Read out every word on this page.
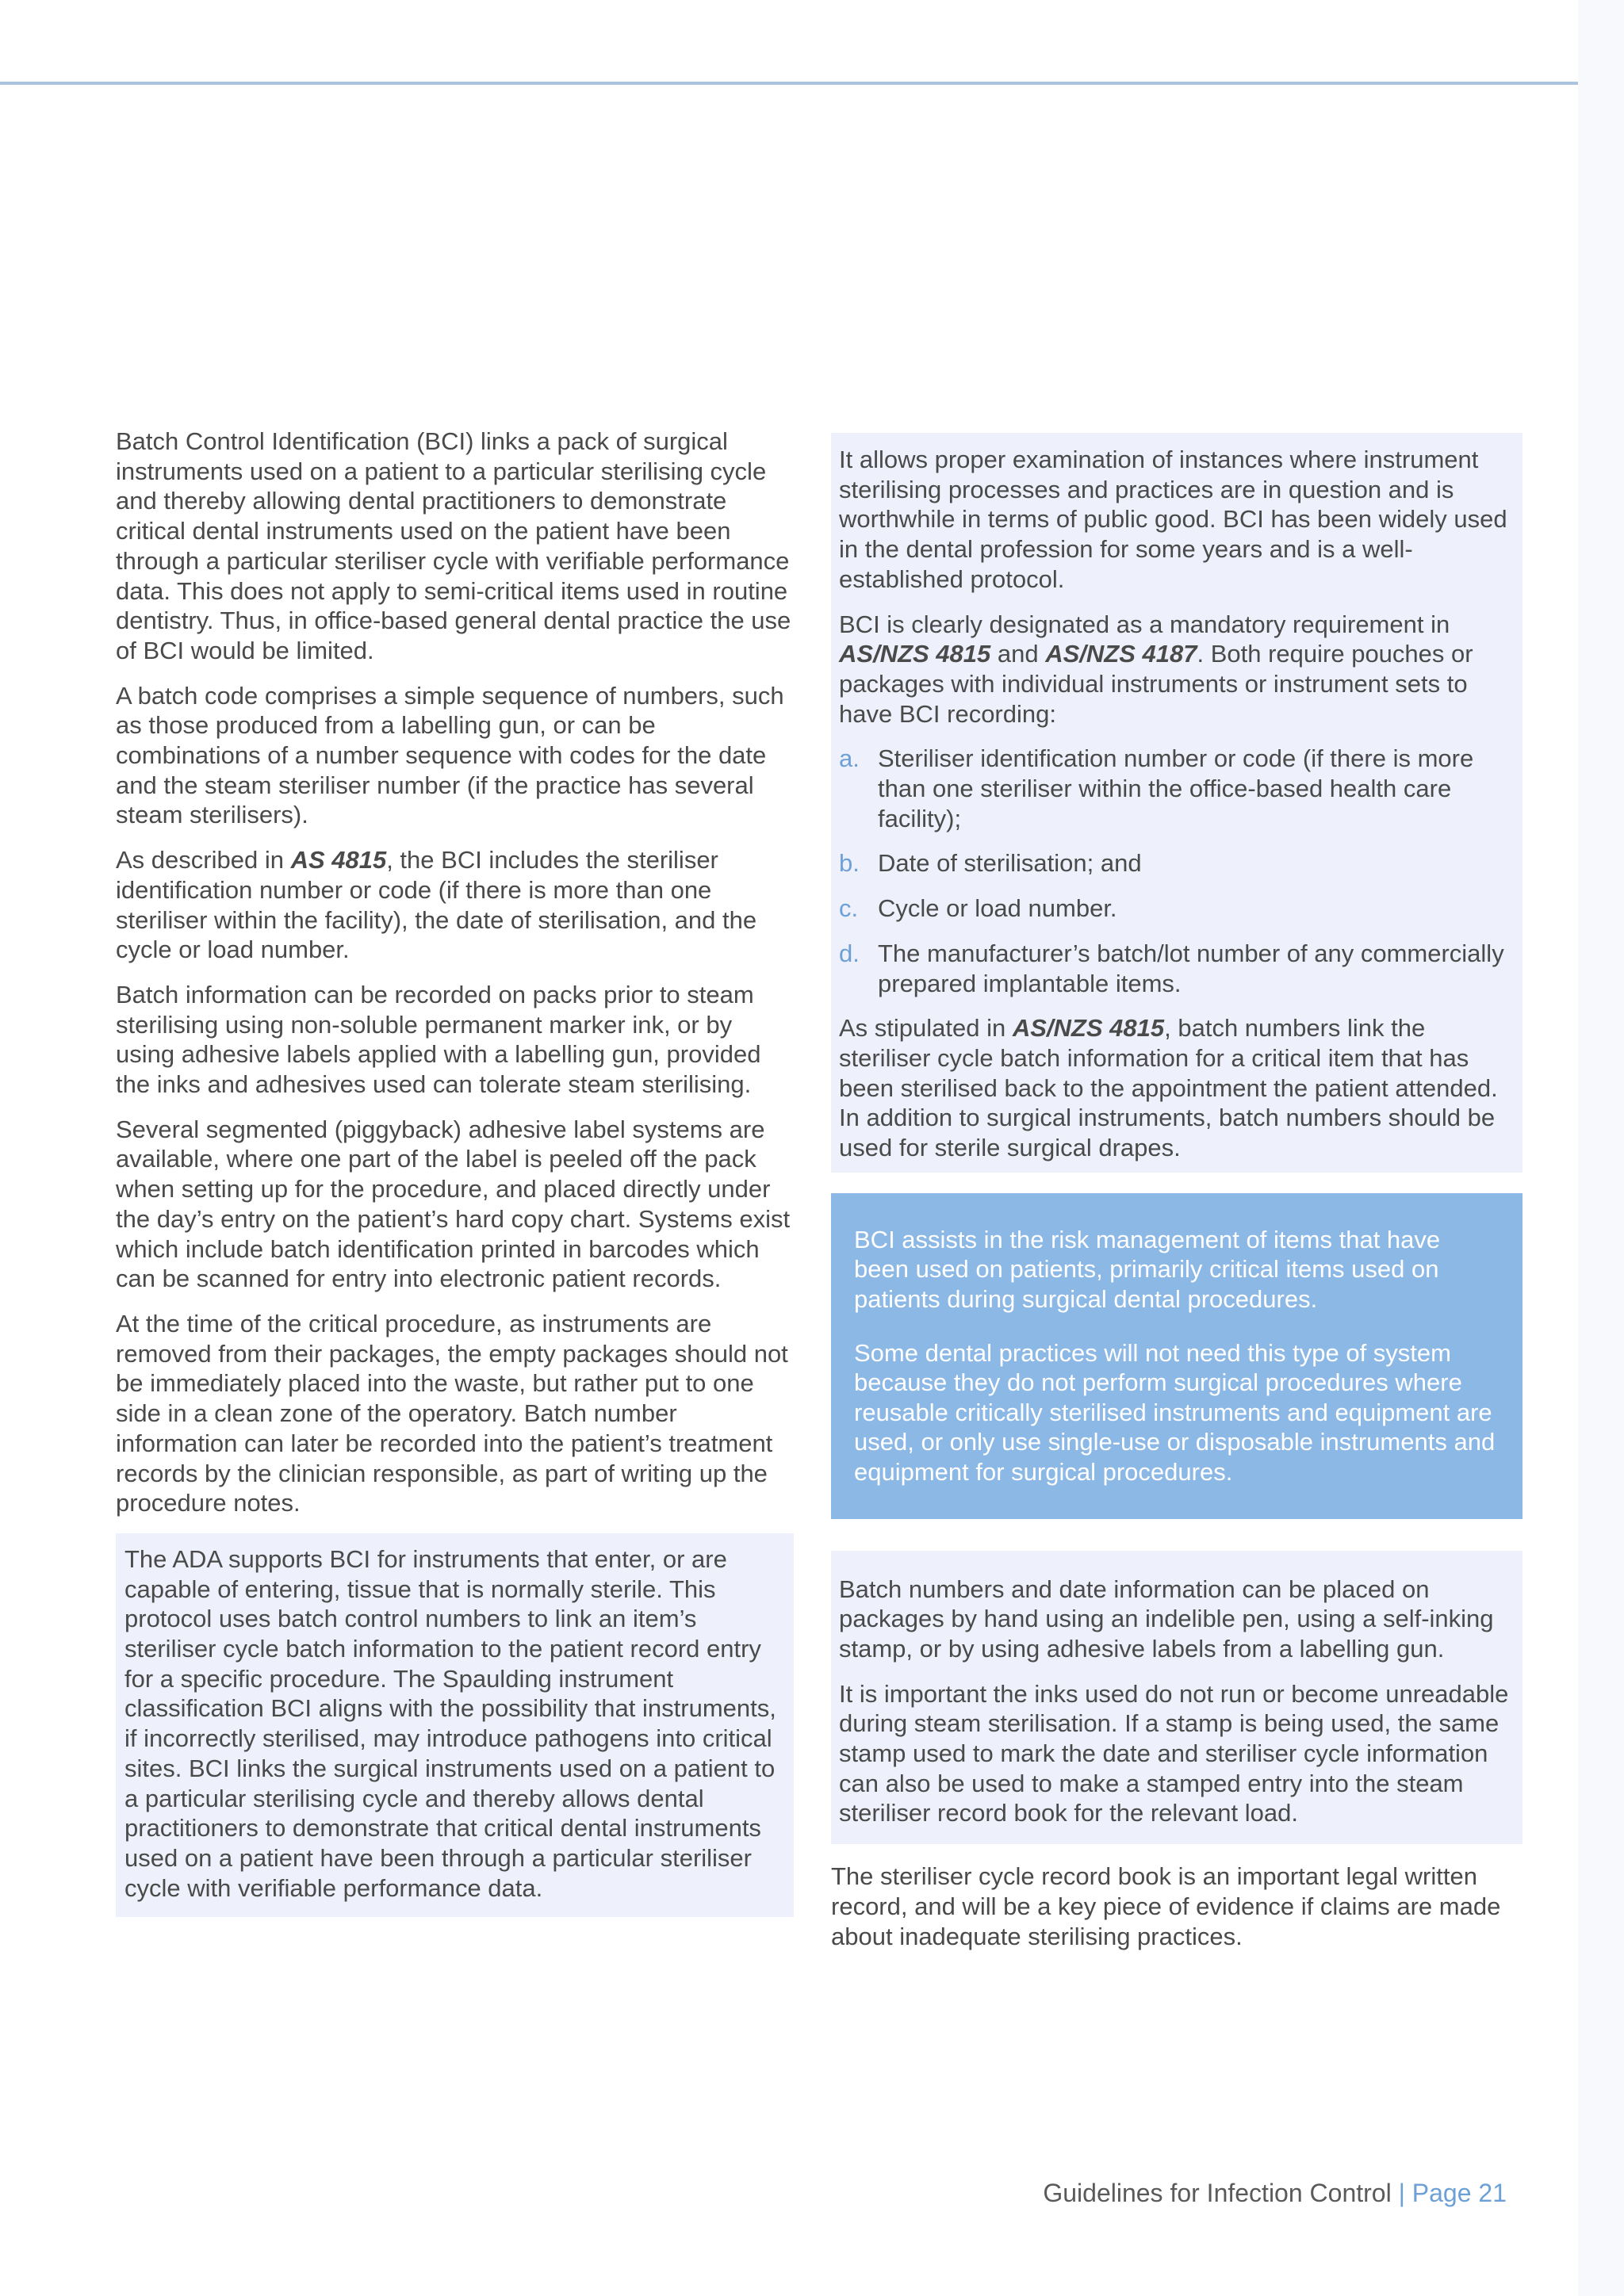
Batch Control Identification (BCI) links a pack of surgical instruments used on a patient to a particular sterilising cycle and thereby allowing dental practitioners to demonstrate critical dental instruments used on the patient have been through a particular steriliser cycle with verifiable performance data. This does not apply to semi-critical items used in routine dentistry. Thus, in office-based general dental practice the use of BCI would be limited.

A batch code comprises a simple sequence of numbers, such as those produced from a labelling gun, or can be combinations of a number sequence with codes for the date and the steam steriliser number (if the practice has several steam sterilisers).

As described in AS 4815, the BCI includes the steriliser identification number or code (if there is more than one steriliser within the facility), the date of sterilisation, and the cycle or load number.

Batch information can be recorded on packs prior to steam sterilising using non-soluble permanent marker ink, or by using adhesive labels applied with a labelling gun, provided the inks and adhesives used can tolerate steam sterilising.

Several segmented (piggyback) adhesive label systems are available, where one part of the label is peeled off the pack when setting up for the procedure, and placed directly under the day’s entry on the patient’s hard copy chart. Systems exist which include batch identification printed in barcodes which can be scanned for entry into electronic patient records.

At the time of the critical procedure, as instruments are removed from their packages, the empty packages should not be immediately placed into the waste, but rather put to one side in a clean zone of the operatory. Batch number information can later be recorded into the patient’s treatment records by the clinician responsible, as part of writing up the procedure notes.

The ADA supports BCI for instruments that enter, or are capable of entering, tissue that is normally sterile. This protocol uses batch control numbers to link an item’s steriliser cycle batch information to the patient record entry for a specific procedure. The Spaulding instrument classification BCI aligns with the possibility that instruments, if incorrectly sterilised, may introduce pathogens into critical sites. BCI links the surgical instruments used on a patient to a particular sterilising cycle and thereby allows dental practitioners to demonstrate that critical dental instruments used on a patient have been through a particular steriliser cycle with verifiable performance data.

It allows proper examination of instances where instrument sterilising processes and practices are in question and is worthwhile in terms of public good. BCI has been widely used in the dental profession for some years and is a well-established protocol.

BCI is clearly designated as a mandatory requirement in AS/NZS 4815 and AS/NZS 4187. Both require pouches or packages with individual instruments or instrument sets to have BCI recording:

a. Steriliser identification number or code (if there is more than one steriliser within the office-based health care facility);
b. Date of sterilisation; and
c. Cycle or load number.
d. The manufacturer’s batch/lot number of any commercially prepared implantable items.

As stipulated in AS/NZS 4815, batch numbers link the steriliser cycle batch information for a critical item that has been sterilised back to the appointment the patient attended. In addition to surgical instruments, batch numbers should be used for sterile surgical drapes.

BCI assists in the risk management of items that have been used on patients, primarily critical items used on patients during surgical dental procedures.

Some dental practices will not need this type of system because they do not perform surgical procedures where reusable critically sterilised instruments and equipment are used, or only use single-use or disposable instruments and equipment for surgical procedures.

Batch numbers and date information can be placed on packages by hand using an indelible pen, using a self-inking stamp, or by using adhesive labels from a labelling gun.

It is important the inks used do not run or become unreadable during steam sterilisation. If a stamp is being used, the same stamp used to mark the date and steriliser cycle information can also be used to make a stamped entry into the steam steriliser record book for the relevant load.

The steriliser cycle record book is an important legal written record, and will be a key piece of evidence if claims are made about inadequate sterilising practices.

Guidelines for Infection Control | Page 21
